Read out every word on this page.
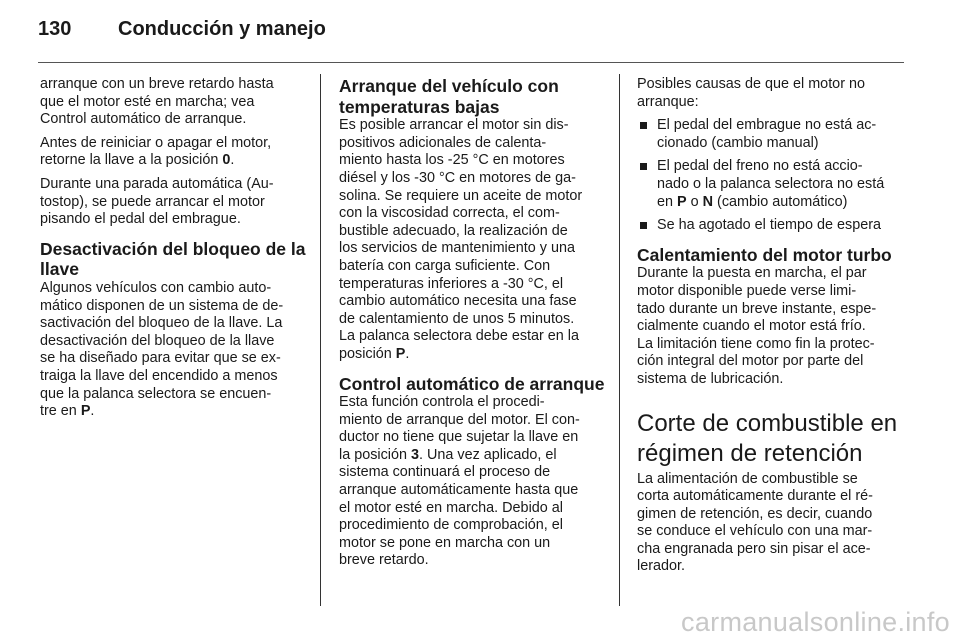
130 Conducción y manejo
arranque con un breve retardo hasta
que el motor esté en marcha; vea
Control automático de arranque.
Antes de reiniciar o apagar el motor,
retorne la llave a la posición 0.
Durante una parada automática (Au-
tostop), se puede arrancar el motor
pisando el pedal del embrague.
Desactivación del bloqueo de la
llave
Algunos vehículos con cambio auto-
mático disponen de un sistema de de-
sactivación del bloqueo de la llave. La
desactivación del bloqueo de la llave
se ha diseñado para evitar que se ex-
traiga la llave del encendido a menos
que la palanca selectora se encuen-
tre en P.
Arranque del vehículo con
temperaturas bajas
Es posible arrancar el motor sin dis-
positivos adicionales de calenta-
miento hasta los -25 °C en motores
diésel y los -30 °C en motores de ga-
solina. Se requiere un aceite de motor
con la viscosidad correcta, el com-
bustible adecuado, la realización de
los servicios de mantenimiento y una
batería con carga suficiente. Con
temperaturas inferiores a -30 °C, el
cambio automático necesita una fase
de calentamiento de unos 5 minutos.
La palanca selectora debe estar en la
posición P.
Control automático de arranque
Esta función controla el procedi-
miento de arranque del motor. El con-
ductor no tiene que sujetar la llave en
la posición 3. Una vez aplicado, el
sistema continuará el proceso de
arranque automáticamente hasta que
el motor esté en marcha. Debido al
procedimiento de comprobación, el
motor se pone en marcha con un
breve retardo.
Posibles causas de que el motor no
arranque:
El pedal del embrague no está ac-
cionado (cambio manual)
El pedal del freno no está accio-
nado o la palanca selectora no está
en P o N (cambio automático)
Se ha agotado el tiempo de espera
Calentamiento del motor turbo
Durante la puesta en marcha, el par
motor disponible puede verse limi-
tado durante un breve instante, espe-
cialmente cuando el motor está frío.
La limitación tiene como fin la protec-
ción integral del motor por parte del
sistema de lubricación.
Corte de combustible en
régimen de retención
La alimentación de combustible se
corta automáticamente durante el ré-
gimen de retención, es decir, cuando
se conduce el vehículo con una mar-
cha engranada pero sin pisar el ace-
lerador.
carmanualsonline.info
